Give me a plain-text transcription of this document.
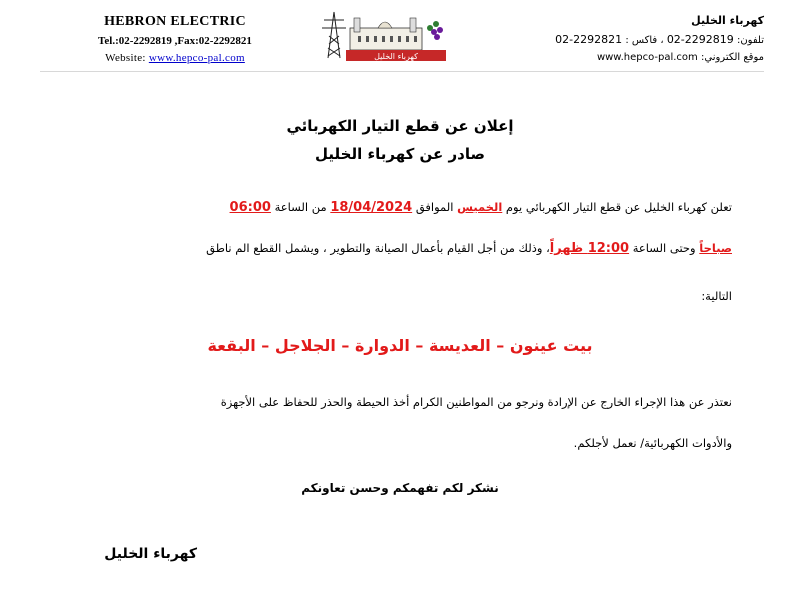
HEBRON ELECTRIC
Tel.:02-2292819 ,Fax:02-2292821
Website: www.hepco-pal.com	كهرباء الخليل
كهرباء الخليل
تلفون: 02-2292819 ، فاكس : 02-2292821
موقع الكتروني: www.hepco-pal.com
إعلان عن قطع التيار الكهربائي
صادر عن كهرباء الخليل
تعلن كهرباء الخليل عن قطع التيار الكهربائي يوم الخميس الموافق 18/04/2024 من الساعة 06:00
صباحاً وحتى الساعة 12:00 ظهراً، وذلك من أجل القيام بأعمال الصيانة والتطوير ، ويشمل القطع الم ناطق
التالية:
بيت عينون – العديسة – الدوارة – الجلاجل – البقعة
نعتذر عن هذا الإجراء الخارج عن الإرادة ونرجو من المواطنين الكرام أخذ الحيطة والحذر للحفاظ على الأجهزة
والأدوات الكهربائية/ نعمل لأجلكم.
نشكر لكم تفهمكم وحسن تعاونكم
كهرباء الخليل
